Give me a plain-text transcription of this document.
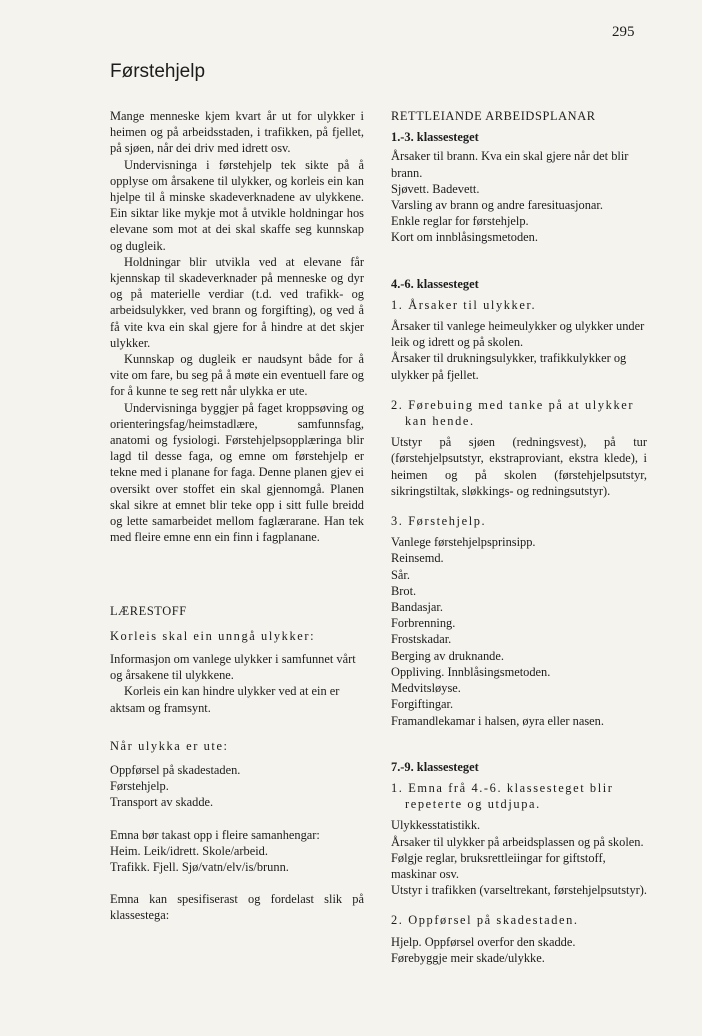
295
Førstehjelp

Mange menneske kjem kvart år ut for ulykker i heimen og på arbeidsstaden, i trafikken, på fjellet, på sjøen, når dei driv med idrett osv.

Undervisninga i førstehjelp tek sikte på å opplyse om årsakene til ulykker, og korleis ein kan hjelpe til å minske skadeverknadene av ulykkene. Ein siktar like mykje mot å utvikle holdningar hos elevane som mot at dei skal skaffe seg kunnskap og dugleik.

Holdningar blir utvikla ved at elevane får kjennskap til skadeverknader på menneske og dyr og på materielle verdiar (t.d. ved trafikk- og arbeidsulykker, ved brann og forgifting), og ved å få vite kva ein skal gjere for å hindre at det skjer ulykker.

Kunnskap og dugleik er naudsynt både for å vite om fare, bu seg på å møte ein eventuell fare og for å kunne te seg rett når ulykka er ute.

Undervisninga byggjer på faget kroppsøving og orienteringsfag/heimstadlære, samfunnsfag, anatomi og fysiologi. Førstehjelpsopplæringa blir lagd til desse faga, og emne om førstehjelp er tekne med i planane for faga. Denne planen gjev ei oversikt over stoffet ein skal gjennomgå. Planen skal sikre at emnet blir teke opp i sitt fulle breidd og lette samarbeidet mellom faglærarane. Han tek med fleire emne enn ein finn i fagplanane.

LÆRESTOFF

Korleis skal ein unngå ulykker:

Informasjon om vanlege ulykker i samfunnet vårt og årsakene til ulykkene.

Korleis ein kan hindre ulykker ved at ein er aktsam og framsynt.

Når ulykka er ute:

Oppførsel på skadestaden.
Førstehjelp.
Transport av skadde.

Emna bør takast opp i fleire samanhengar:

Heim. Leik/idrett. Skole/arbeid.
Trafikk. Fjell. Sjø/vatn/elv/is/brunn.

Emna kan spesifiserast og fordelast slik på klassestega:

RETTLEIANDE ARBEIDSPLANAR

1.-3. klassesteget

Årsaker til brann. Kva ein skal gjere når det blir brann.
Sjøvett. Badevett.
Varsling av brann og andre faresituasjonar.
Enkle reglar for førstehjelp.
Kort om innblåsingsmetoden.

4.-6. klassesteget

1. Årsaker til ulykker.

Årsaker til vanlege heimeulykker og ulykker under leik og idrett og på skolen.
Årsaker til drukningsulykker, trafikkulykker og ulykker på fjellet.

2. Førebuing med tanke på at ulykker kan hende.

Utstyr på sjøen (redningsvest), på tur (førstehjelpsutstyr, ekstraproviant, ekstra klede), i heimen og på skolen (førstehjelpsutstyr, sikringstiltak, sløkkings- og redningsutstyr).

3. Førstehjelp.

Vanlege førstehjelpsprinsipp.
Reinsemd.
Sår.
Brot.
Bandasjar.
Forbrenning.
Frostskadar.
Berging av druknande.
Oppliving. Innblåsingsmetoden.
Medvitsløyse.
Forgiftingar.
Framandlekamar i halsen, øyra eller nasen.

7.-9. klassesteget

1. Emna frå 4.-6. klassesteget blir repeterte og utdjupa.

Ulykkesstatistikk.
Årsaker til ulykker på arbeidsplassen og på skolen.
Følgje reglar, bruksrettleiingar for giftstoff, maskinar osv.
Utstyr i trafikken (varseltrekant, førstehjelpsutstyr).

2. Oppførsel på skadestaden.

Hjelp. Oppførsel overfor den skadde.
Førebyggje meir skade/ulykke.
